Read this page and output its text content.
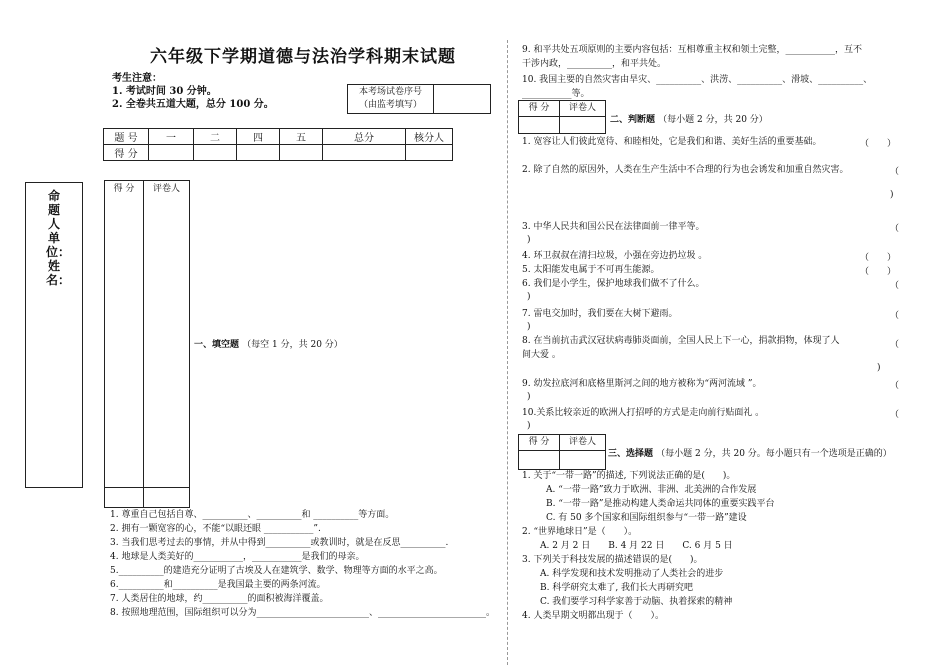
六年级下学期道德与法治学科期末试题
考生注意：
1. 考试时间 30 分钟。
2. 全卷共五道大题，总分 100 分。
本考场试卷序号
（由监考填写）
题 号	一	二	四	五	总分	核分人
得 分						
命题人单位：姓名：
得 分	评卷人
一、填空题 （每空 1 分，共 20 分）
1. 尊重自己包括自尊、__________、__________和 __________等方面。
2. 拥有一颗宽容的心，不能“以眼还眼 ___________”.
3. 当我们思考过去的事情，并从中得到__________或教训时，就是在反思__________.
4. 地球是人类美好的___________，___________是我们的母亲。
5.__________的建造充分证明了古埃及人在建筑学、数学、物理等方面的水平之高。
6.__________和__________是我国最主要的两条河流。
7. 人类居住的地球，约__________的面积被海洋覆盖。
8. 按照地理范围，国际组织可以分为_________________________、________________________。
9. 和平共处五项原则的主要内容包括：互相尊重主权和领土完整，___________，互不
干涉内政，__________，和平共处。
10. 我国主要的自然灾害由旱灾、__________、洪涝、__________、滑坡、__________、
___________等。
得 分	评卷人
二、判断题 （每小题 2 分，共 20 分）
1. 宽容让人们彼此宽待、和睦相处，它是我们和谐、美好生活的重要基础。	（　　）
2. 除了自然的原因外，人类在生产生活中不合理的行为也会诱发和加重自然灾害。	（
)
3. 中华人民共和国公民在法律面前一律平等。	（
)
4. 环卫叔叔在清扫垃圾，小强在旁边扔垃圾 。	（　　）
5. 太阳能发电属于不可再生能源。	（　　）
6. 我们是小学生，保护地球我们做不了什么。	（
)
7. 雷电交加时，我们要在大树下避雨。	（
)
8. 在当前抗击武汉冠状病毒肺炎面前，全国人民上下一心，捐款捐物，体现了人	（
间大爱 。
)
9. 幼发拉底河和底格里斯河之间的地方被称为“两河流域 ”。	（
)
10.关系比较亲近的欧洲人打招呼的方式是走向前行贴面礼 。	（
)
得 分	评卷人
三、选择题 （每小题 2 分，共 20 分。每小题只有一个选项是正确的）
1. 关于“一带一路”的描述, 下列说法正确的是(　　)。
A. “一带一路”致力于欧洲、非洲、北美洲的合作发展
B. “一带一路”是推动构建人类命运共同体的重要实践平台
C. 有 50 多个国家和国际组织参与“一带一路”建设
2. “世界地球日”是（　　）。
A. 2 月 2 日　　B. 4 月 22 日　　C. 6 月 5 日
3. 下列关于科技发展的描述错误的是(　　)。
A. 科学发现和技术发明推动了人类社会的进步
B. 科学研究太难了, 我们长大再研究吧
C. 我们要学习科学家善于动脑、执着探索的精神
4. 人类早期文明都出现于（　　）。
